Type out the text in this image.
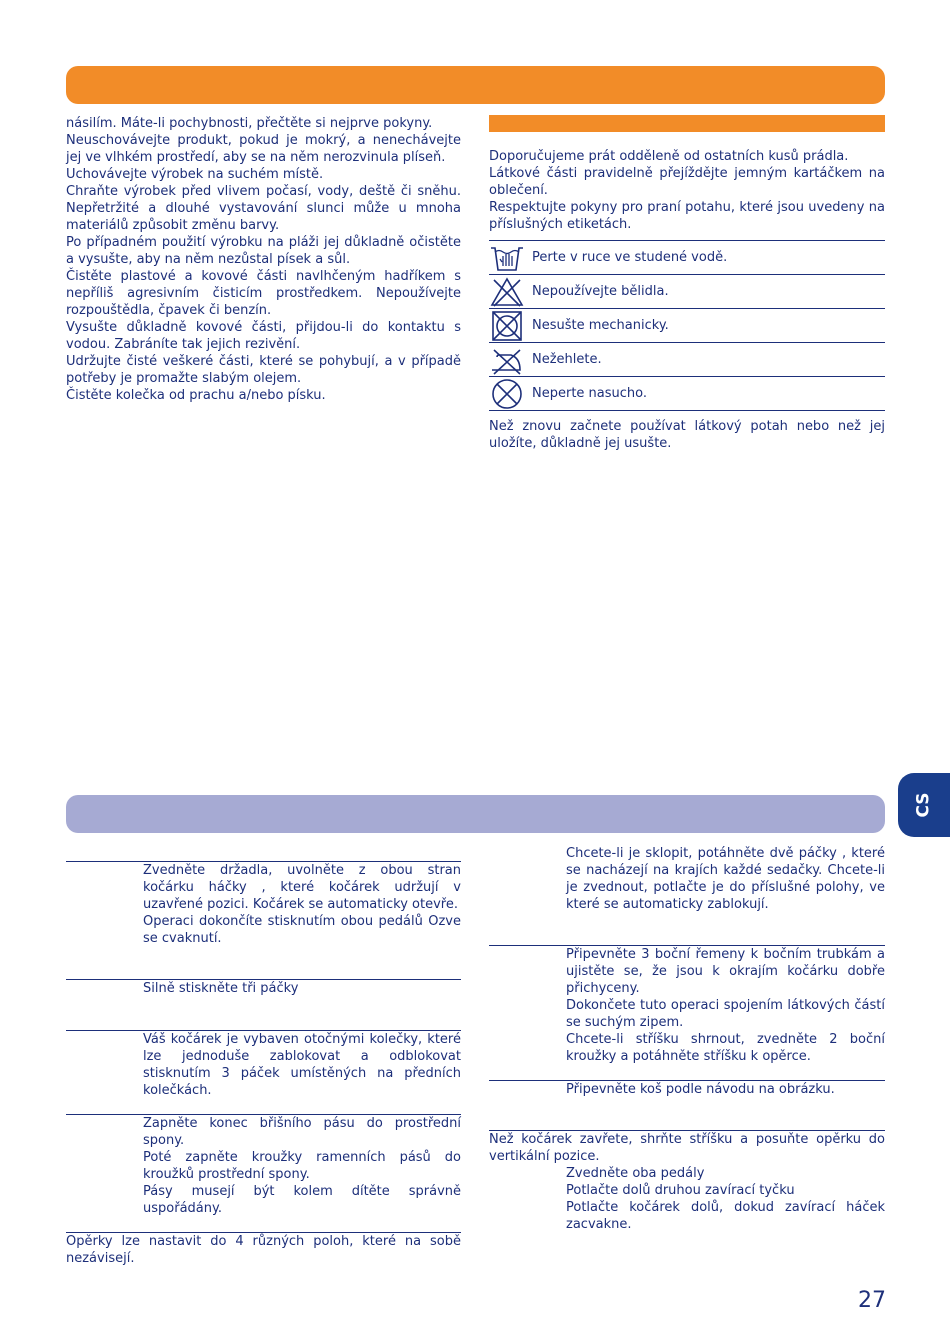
násilím. Máte-li pochybnosti, přečtěte si nejprve pokyny.

Neuschovávejte produkt, pokud je mokrý, a nenechávejte jej ve vlhkém prostředí, aby se na něm nerozvinula plíseň.

Uchovávejte výrobek na suchém místě.

Chraňte výrobek před vlivem počasí, vody, deště či sněhu. Nepřetržité a dlouhé vystavování slunci může u mnoha materiálů způsobit změnu barvy.

Po případném použití výrobku na pláži jej důkladně očistěte a vysušte, aby na něm nezůstal písek a sůl.

Čistěte plastové a kovové části navlhčeným hadříkem s nepříliš agresivním čisticím prostředkem. Nepoužívejte rozpouštědla, čpavek či benzín.

Vysušte důkladně kovové části, přijdou-li do kontaktu s vodou. Zabráníte tak jejich rezivění.

Udržujte čisté veškeré části, které se pohybují, a v případě potřeby je promažte slabým olejem.

Čistěte kolečka od prachu a/nebo písku.

Doporučujeme prát odděleně od ostatních kusů prádla.

Látkové části pravidelně přejíždějte jemným kartáčkem na oblečení.

Respektujte pokyny pro praní potahu, které jsou uvedeny na příslušných etiketách.

Perte v ruce ve studené vodě.
Nepoužívejte bělidla.
Nesušte mechanicky.
Nežehlete.
Neperte nasucho.

Než znovu začnete používat látkový potah nebo než jej uložíte, důkladně jej usušte.

Zvedněte držadla, uvolněte z obou stran kočárku háčky , které kočárek udržují v uzavřené pozici. Kočárek se automaticky otevře.

Operaci dokončíte stisknutím obou pedálů Ozve se cvaknutí.

Silně stiskněte tři páčky

Váš kočárek je vybaven otočnými kolečky, které lze jednoduše zablokovat a odblokovat stisknutím 3 páček umístěných na předních kolečkách.

Zapněte konec břišního pásu do prostřední spony.

Poté zapněte kroužky ramenních pásů do kroužků prostřední spony.

Pásy musejí být kolem dítěte správně uspořádány.

Opěrky lze nastavit do 4 různých poloh, které na sobě nezávisejí.

Chcete-li je sklopit, potáhněte dvě páčky , které se nacházejí na krajích každé sedačky. Chcete-li je zvednout, potlačte je do příslušné polohy, ve které se automaticky zablokují.

Připevněte 3 boční řemeny k bočním trubkám a ujistěte se, že jsou k okrajím kočárku dobře přichyceny.

Dokončete tuto operaci spojením látkových částí se suchým zipem.

Chcete-li stříšku shrnout, zvedněte 2 boční kroužky a potáhněte stříšku k opěrce.

Připevněte koš podle návodu na obrázku.

Než kočárek zavřete, shrňte stříšku a posuňte opěrku do vertikální pozice.

Zvedněte oba pedály

Potlačte dolů druhou zavírací tyčku

Potlačte kočárek dolů, dokud zavírací háček zacvakne.

CS
27
